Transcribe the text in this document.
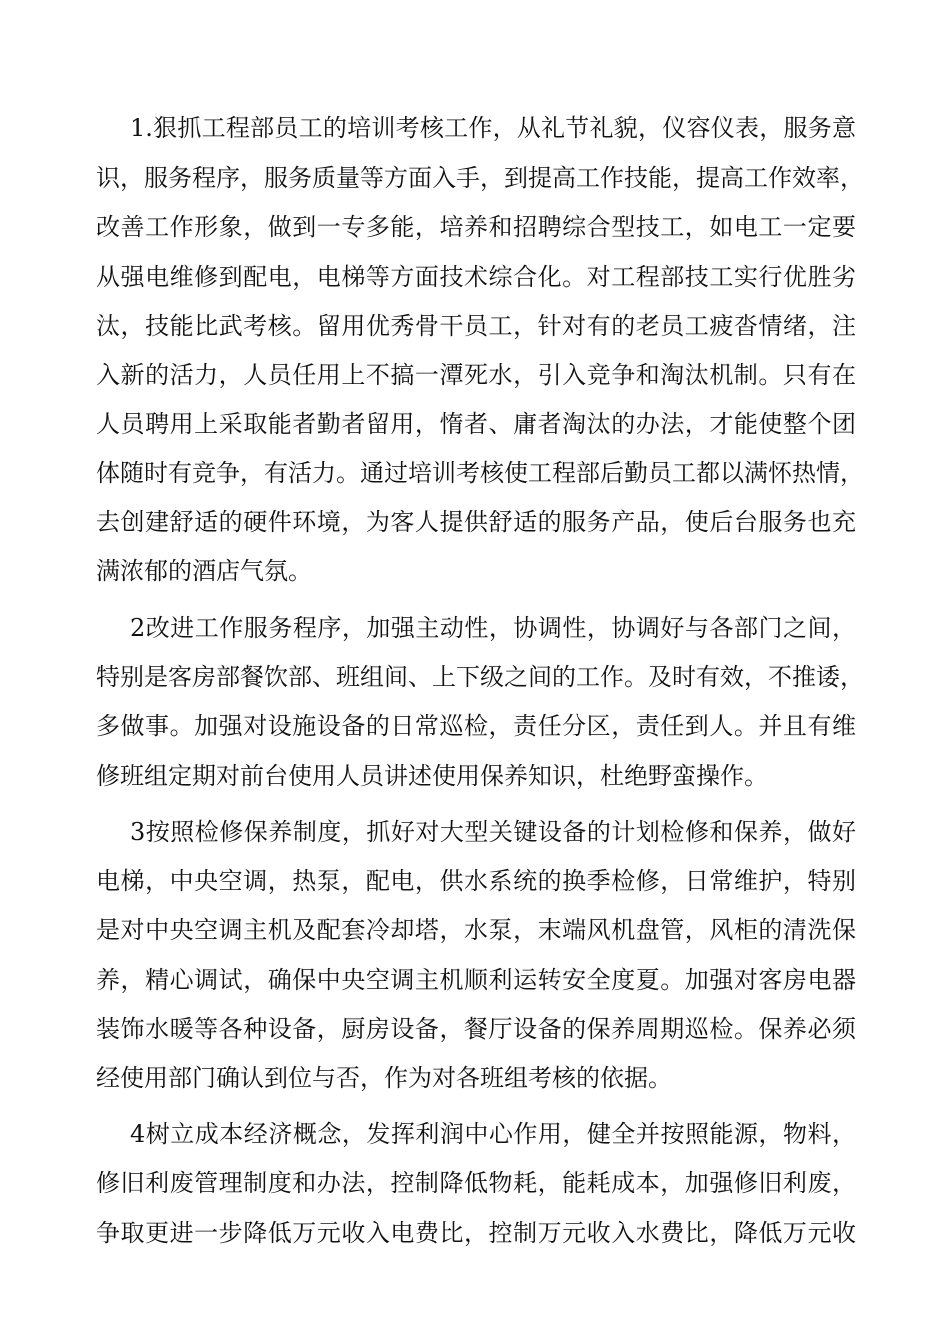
1.狠抓工程部员工的培训考核工作，从礼节礼貌，仪容仪表，服务意
识，服务程序，服务质量等方面入手，到提高工作技能，提高工作效率，
改善工作形象，做到一专多能，培养和招聘综合型技工，如电工一定要
从强电维修到配电，电梯等方面技术综合化。对工程部技工实行优胜劣
汰，技能比武考核。留用优秀骨干员工，针对有的老员工疲沓情绪，注
入新的活力，人员任用上不搞一潭死水，引入竞争和淘汰机制。只有在
人员聘用上采取能者勤者留用，惰者、庸者淘汰的办法，才能使整个团
体随时有竞争，有活力。通过培训考核使工程部后勤员工都以满怀热情，
去创建舒适的硬件环境，为客人提供舒适的服务产品，使后台服务也充
满浓郁的酒店气氛。
2改进工作服务程序，加强主动性，协调性，协调好与各部门之间，
特别是客房部餐饮部、班组间、上下级之间的工作。及时有效，不推诿，
多做事。加强对设施设备的日常巡检，责任分区，责任到人。并且有维
修班组定期对前台使用人员讲述使用保养知识，杜绝野蛮操作。
3按照检修保养制度，抓好对大型关键设备的计划检修和保养，做好
电梯，中央空调，热泵，配电，供水系统的换季检修，日常维护，特别
是对中央空调主机及配套冷却塔，水泵，末端风机盘管，风柜的清洗保
养，精心调试，确保中央空调主机顺利运转安全度夏。加强对客房电器
装饰水暖等各种设备，厨房设备，餐厅设备的保养周期巡检。保养必须
经使用部门确认到位与否，作为对各班组考核的依据。
4树立成本经济概念，发挥利润中心作用，健全并按照能源，物料，
修旧利废管理制度和办法，控制降低物耗，能耗成本，加强修旧利废，
争取更进一步降低万元收入电费比，控制万元收入水费比，降低万元收
